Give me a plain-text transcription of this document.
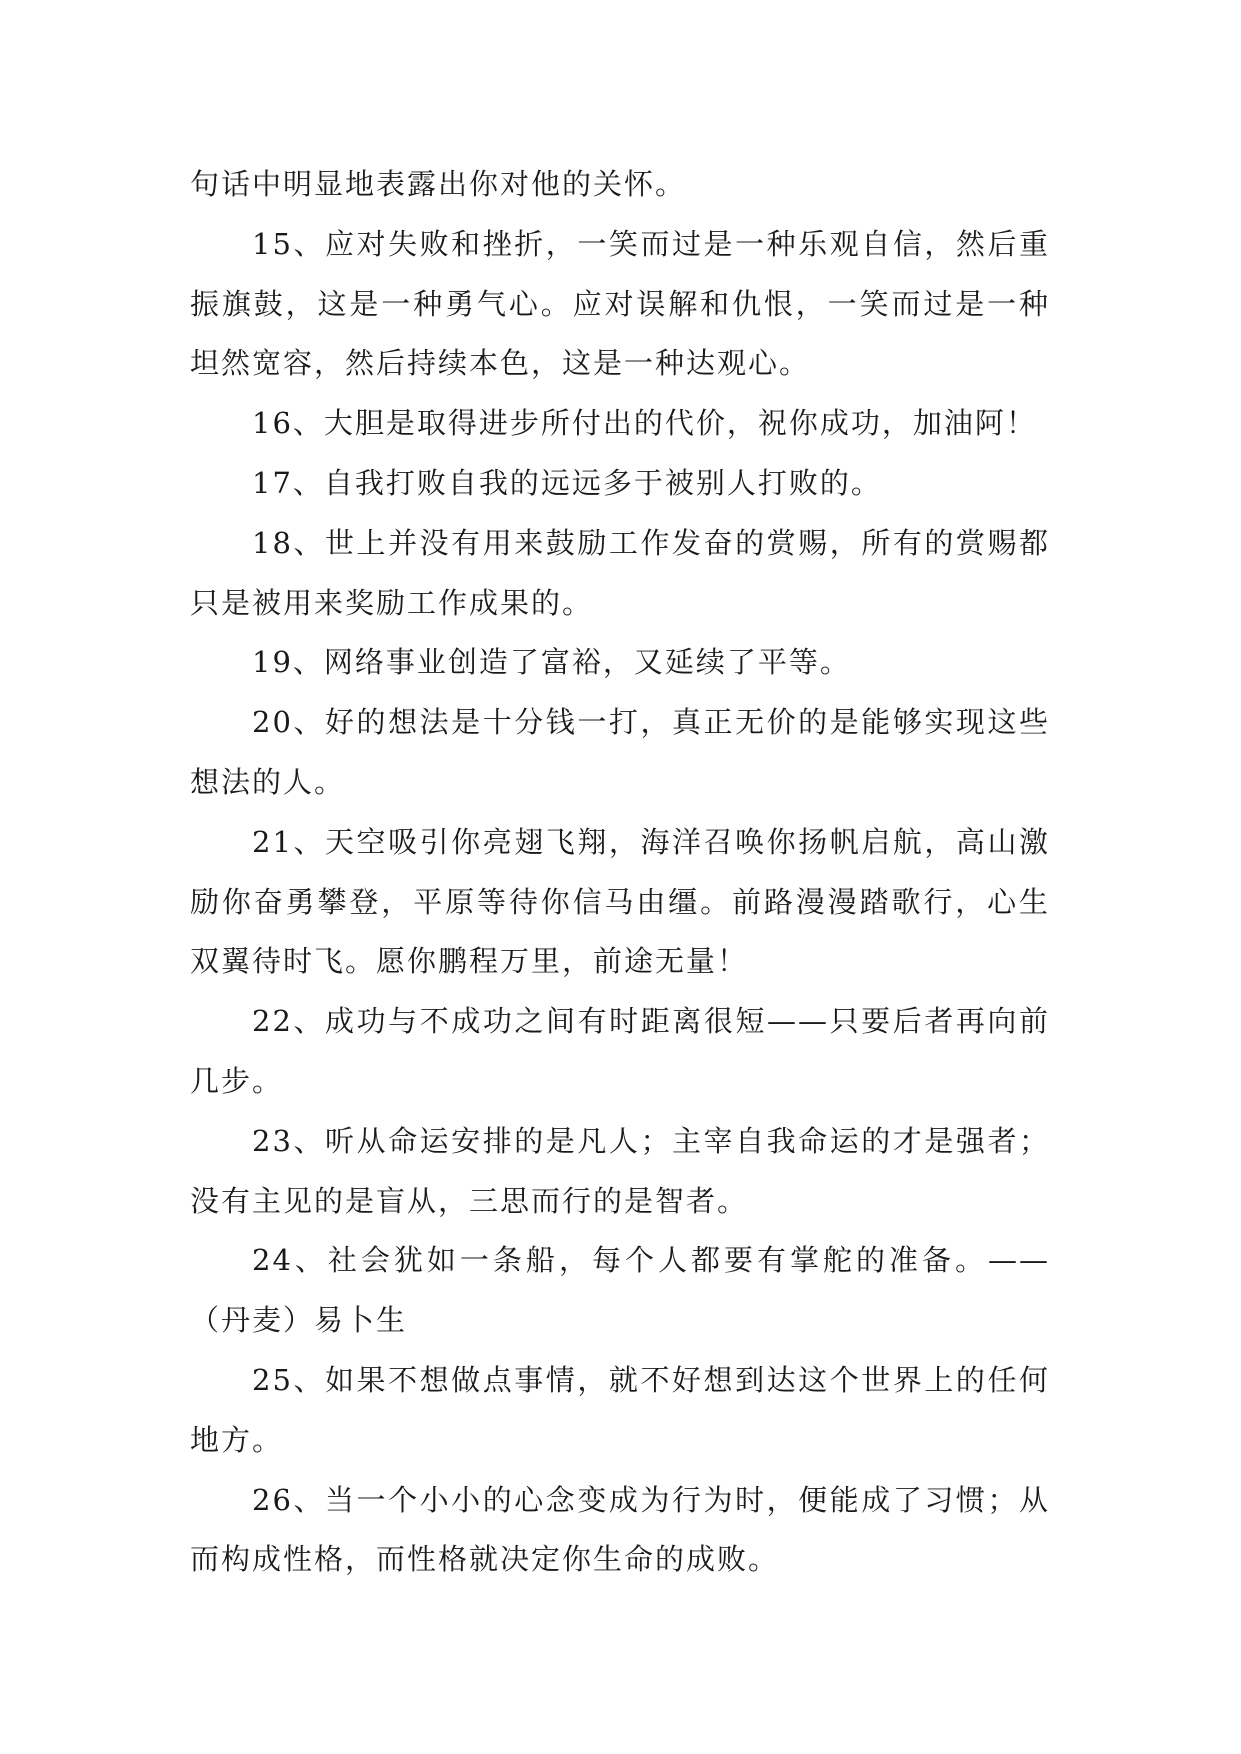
句话中明显地表露出你对他的关怀。

15、应对失败和挫折，一笑而过是一种乐观自信，然后重振旗鼓，这是一种勇气心。应对误解和仇恨，一笑而过是一种坦然宽容，然后持续本色，这是一种达观心。

16、大胆是取得进步所付出的代价，祝你成功，加油阿！

17、自我打败自我的远远多于被别人打败的。

18、世上并没有用来鼓励工作发奋的赏赐，所有的赏赐都只是被用来奖励工作成果的。

19、网络事业创造了富裕，又延续了平等。

20、好的想法是十分钱一打，真正无价的是能够实现这些想法的人。

21、天空吸引你亮翅飞翔，海洋召唤你扬帆启航，高山激励你奋勇攀登，平原等待你信马由缰。前路漫漫踏歌行，心生双翼待时飞。愿你鹏程万里，前途无量！

22、成功与不成功之间有时距离很短——只要后者再向前几步。

23、听从命运安排的是凡人；主宰自我命运的才是强者；没有主见的是盲从，三思而行的是智者。

24、社会犹如一条船，每个人都要有掌舵的准备。——（丹麦）易卜生

25、如果不想做点事情，就不好想到达这个世界上的任何地方。

26、当一个小小的心念变成为行为时，便能成了习惯；从而构成性格，而性格就决定你生命的成败。
